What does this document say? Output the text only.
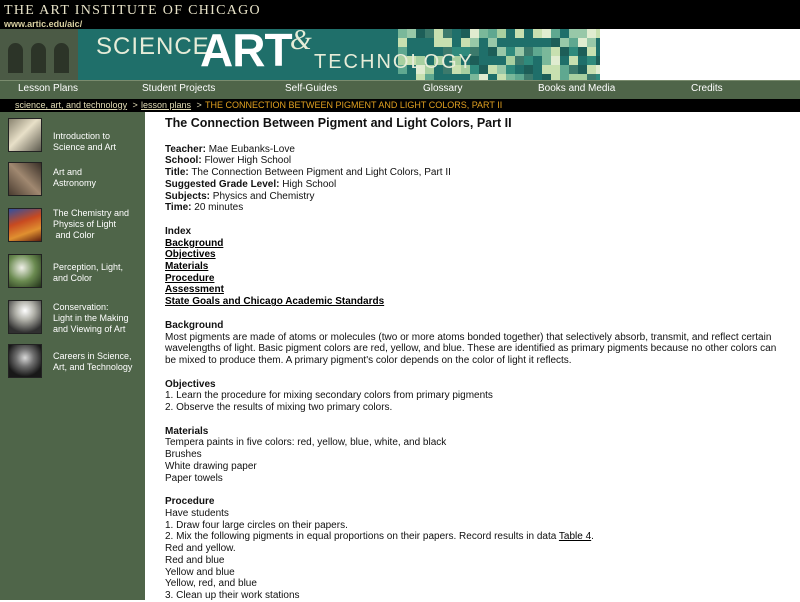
THE ART INSTITUTE OF CHICAGO
www.artic.edu/aic/
SCIENCE
ART
&
TECHNOLOGY
Lesson Plans	Student Projects	Self-Guides	Glossary	Books and Media	Credits
science, art, and technology > lesson plans > THE CONNECTION BETWEEN PIGMENT AND LIGHT COLORS, PART II
Introduction to
Science and Art
Art and
Astronomy
The Chemistry and
Physics of Light
and Color
Perception, Light,
and Color
Conservation:
Light in the Making
and Viewing of Art
Careers in Science,
Art, and Technology
The Connection Between Pigment and Light Colors, Part II

Teacher: Mae Eubanks-Love

School: Flower High School

Title: The Connection Between Pigment and Light Colors, Part II

Suggested Grade Level: High School

Subjects: Physics and Chemistry

Time: 20 minutes

Index
Background
Objectives
Materials
Procedure
Assessment
State Goals and Chicago Academic Standards
Background

Most pigments are made of atoms or molecules (two or more atoms bonded together) that selectively absorb, transmit, and reflect certain wavelengths of light. Basic pigment colors are red, yellow, and blue. These are identified as primary pigments because no other colors can be mixed to produce them. A primary pigment's color depends on the color of light it reflects.

Objectives

1. Learn the procedure for mixing secondary colors from primary pigments

2. Observe the results of mixing two primary colors.

Materials

Tempera paints in five colors: red, yellow, blue, white, and black

Brushes

White drawing paper

Paper towels

Procedure

Have students

1. Draw four large circles on their papers.

2. Mix the following pigments in equal proportions on their papers. Record results in data Table 4.

Red and yellow.

Red and blue

Yellow and blue

Yellow, red, and blue

3. Clean up their work stations
